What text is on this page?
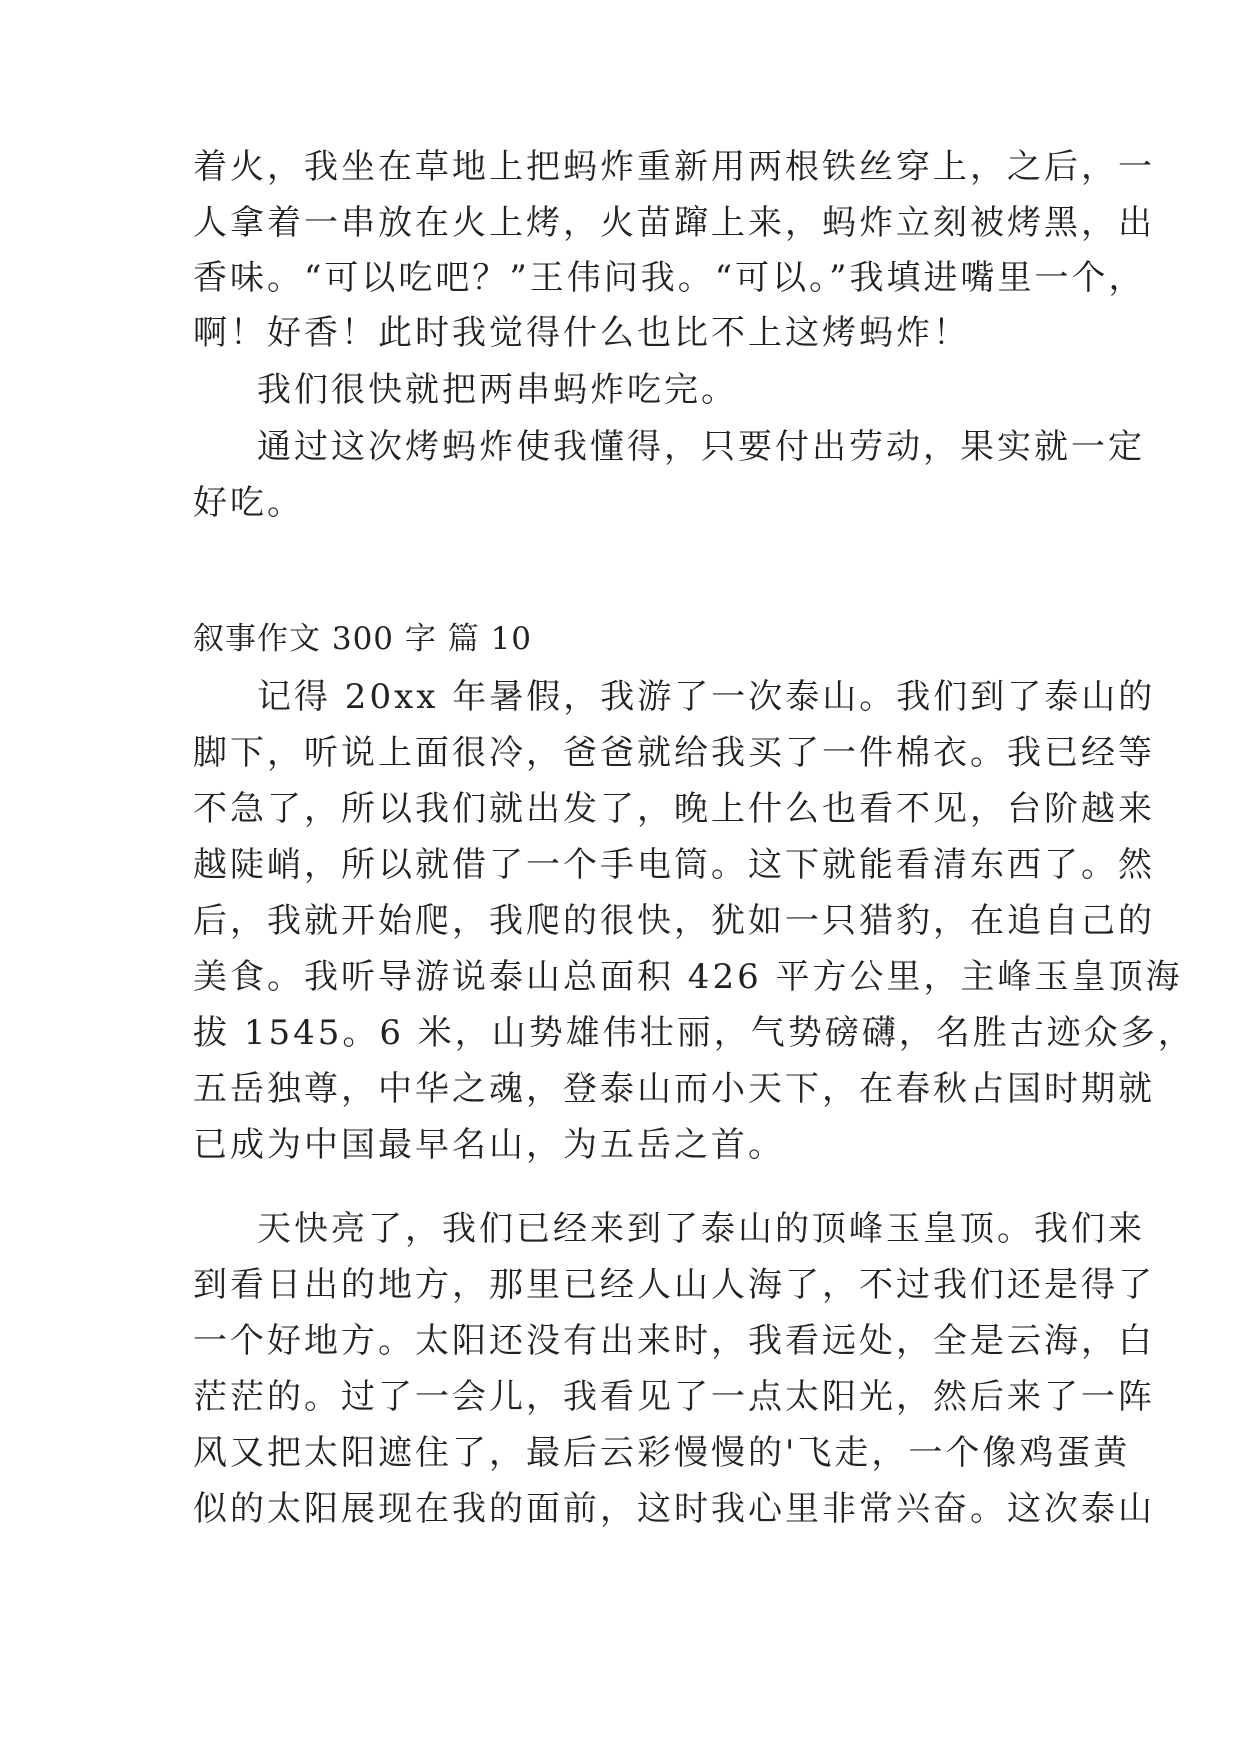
着火，我坐在草地上把蚂炸重新用两根铁丝穿上，之后，一
人拿着一串放在火上烤，火苗蹿上来，蚂炸立刻被烤黑，出
香味。“可以吃吧？”王伟问我。“可以。”我填进嘴里一个，
啊！好香！此时我觉得什么也比不上这烤蚂炸！
我们很快就把两串蚂炸吃完。
通过这次烤蚂炸使我懂得，只要付出劳动，果实就一定
好吃。
叙事作文 300 字 篇 10
记得 20xx 年暑假，我游了一次泰山。我们到了泰山的
脚下，听说上面很冷，爸爸就给我买了一件棉衣。我已经等
不急了，所以我们就出发了，晚上什么也看不见，台阶越来
越陡峭，所以就借了一个手电筒。这下就能看清东西了。然
后，我就开始爬，我爬的很快，犹如一只猎豹，在追自己的
美食。我听导游说泰山总面积 426 平方公里，主峰玉皇顶海
拔 1545。6 米，山势雄伟壮丽，气势磅礴，名胜古迹众多，
五岳独尊，中华之魂，登泰山而小天下，在春秋占国时期就
已成为中国最早名山，为五岳之首。
天快亮了，我们已经来到了泰山的顶峰玉皇顶。我们来
到看日出的地方，那里已经人山人海了，不过我们还是得了
一个好地方。太阳还没有出来时，我看远处，全是云海，白
茫茫的。过了一会儿，我看见了一点太阳光，然后来了一阵
风又把太阳遮住了，最后云彩慢慢的'飞走，一个像鸡蛋黄
似的太阳展现在我的面前，这时我心里非常兴奋。这次泰山
